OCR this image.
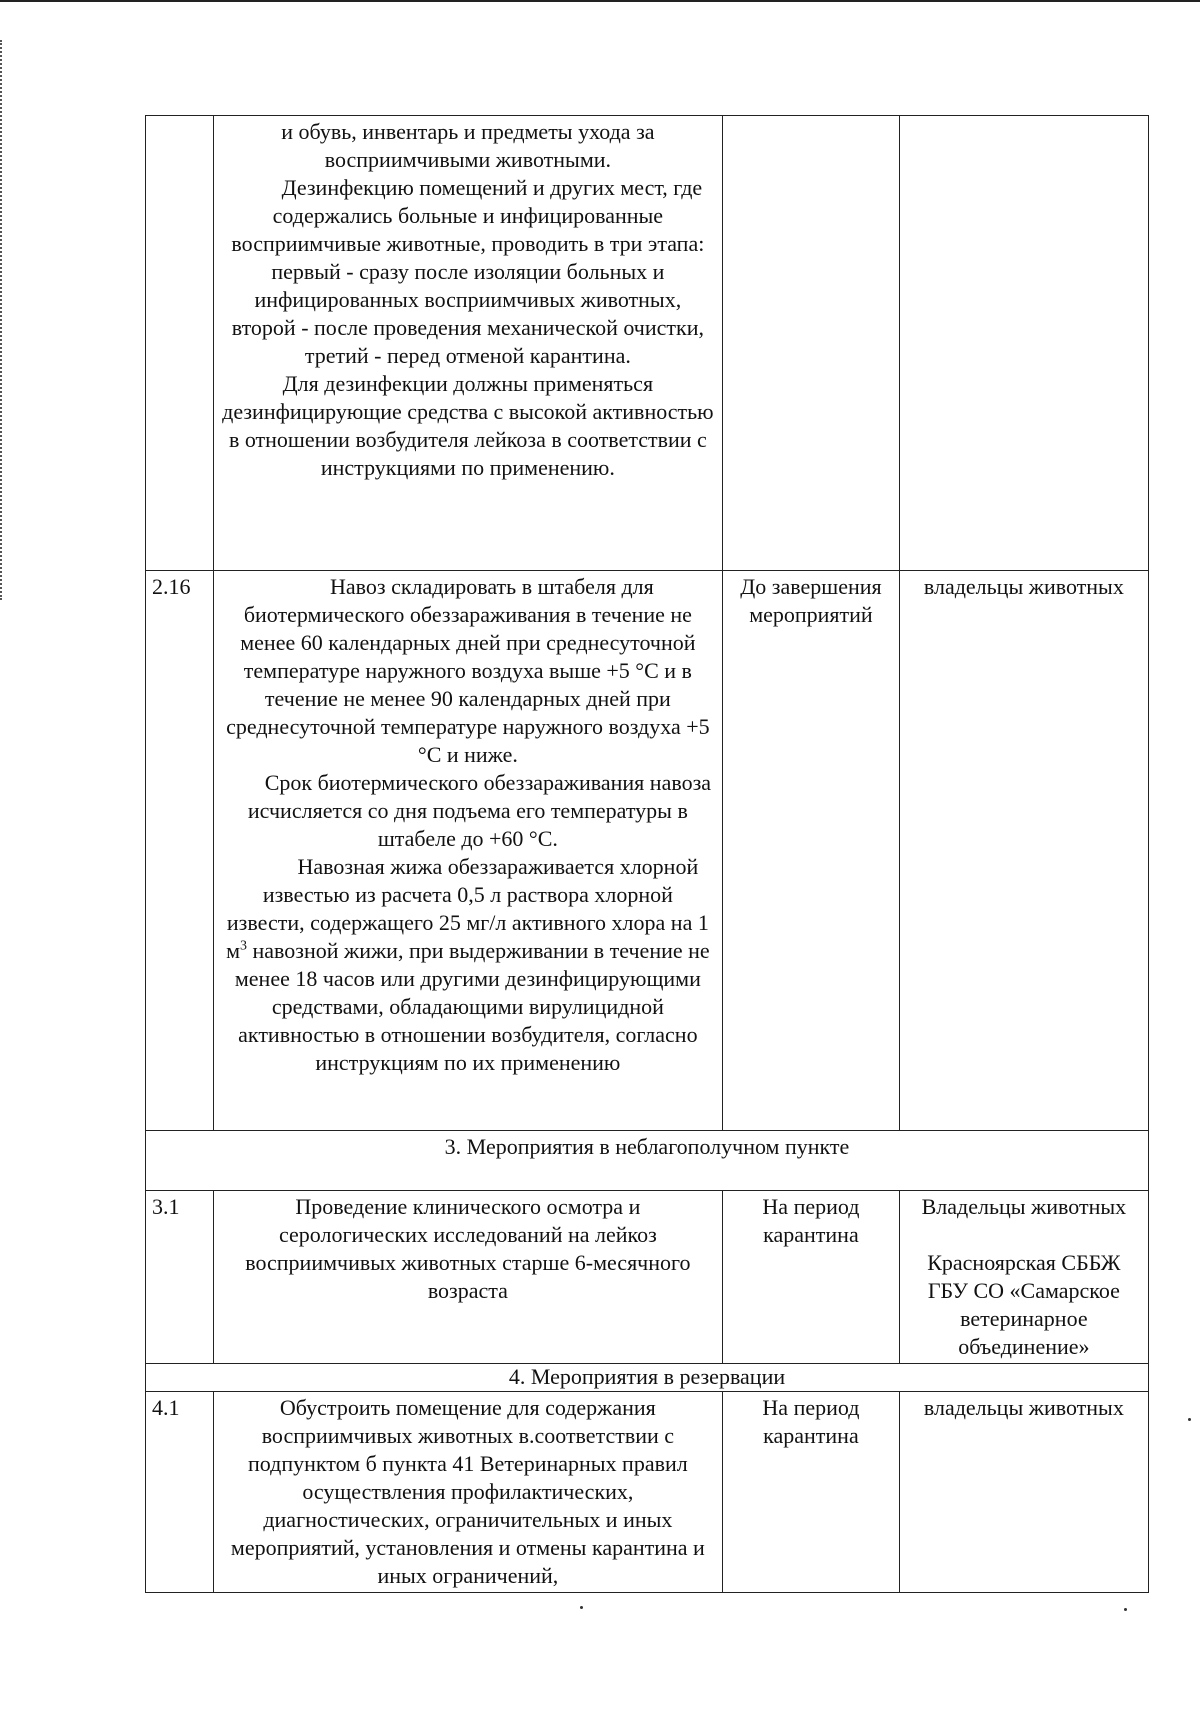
	и обувь, инвентарь и предметы ухода за восприимчивыми животными.
Дезинфекцию помещений и других мест, где содержались больные и инфицированные восприимчивые животные, проводить в три этапа: первый - сразу после изоляции больных и инфицированных восприимчивых животных, второй - после проведения механической очистки, третий - перед отменой карантина.
Для дезинфекции должны применяться дезинфицирующие средства с высокой активностью в отношении возбудителя лейкоза в соответствии с инструкциями по применению.		

2.16	Навоз складировать в штабеля для биотермического обеззараживания в течение не менее 60 календарных дней при среднесуточной температуре наружного воздуха выше +5 °С и в течение не менее 90 календарных дней при среднесуточной температуре наружного воздуха +5 °С и ниже.
Срок биотермического обеззараживания навоза исчисляется со дня подъема его температуры в штабеле до +60 °С.
Навозная жижа обеззараживается хлорной известью из расчета 0,5 л раствора хлорной извести, содержащего 25 мг/л активного хлора на 1 $м^3$ навозной жижи, при выдерживании в течение не менее 18 часов или другими дезинфицирующими средствами, обладающими вирулицидной активностью в отношении возбудителя, согласно инструкциям по их применению	До завершения мероприятий	владельцы животных
3. Мероприятия в неблагополучном пункте			
3.1	Проведение клинического осмотра и серологических исследований на лейкоз восприимчивых животных старше 6-месячного возраста	На период карантина	Владельцы животных
Красноярская СББЖ ГБУ СО «Самарское ветеринарное объединение»

4. Мероприятия в резервации			
4.1	Обустроить помещение для содержания восприимчивых животных в.соответствии с подпунктом б пункта 41 Ветеринарных правил осуществления профилактических, диагностических, ограничительных и иных мероприятий, установления и отмены карантина и иных ограничений,	На период карантина	владельцы животных
